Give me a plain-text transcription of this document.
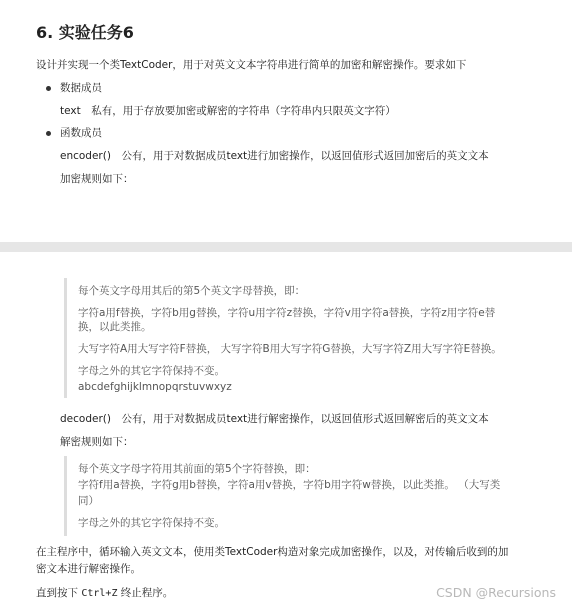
6. 实验任务6
设计并实现一个类TextCoder，用于对英文文本字符串进行简单的加密和解密操作。要求如下
数据成员
text　私有，用于存放要加密或解密的字符串（字符串内只限英文字符）
函数成员
encoder()　公有，用于对数据成员text进行加密操作，以返回值形式返回加密后的英文文本
加密规则如下：
每个英文字母用其后的第5个英文字母替换，即：
字符a用f替换，字符b用g替换，字符u用字符z替换，字符v用字符a替换，字符z用字符e替
换，以此类推。
大写字符A用大写字符F替换， 大写字符B用大写字符G替换，大写字符Z用大写字符E替换。
字母之外的其它字符保持不变。
abcdefghijklmnopqrstuvwxyz
decoder()　公有，用于对数据成员text进行解密操作，以返回值形式返回解密后的英文文本
解密规则如下：
每个英文字母字符用其前面的第5个字符替换，即：
字符f用a替换，字符g用b替换，字符a用v替换，字符b用字符w替换，以此类推。 （大写类
同）
字母之外的其它字符保持不变。
在主程序中，循环输入英文文本，使用类TextCoder构造对象完成加密操作，以及，对传输后收到的加
密文本进行解密操作。
直到按下 Ctrl+Z 终止程序。	CSDN @Recursions
